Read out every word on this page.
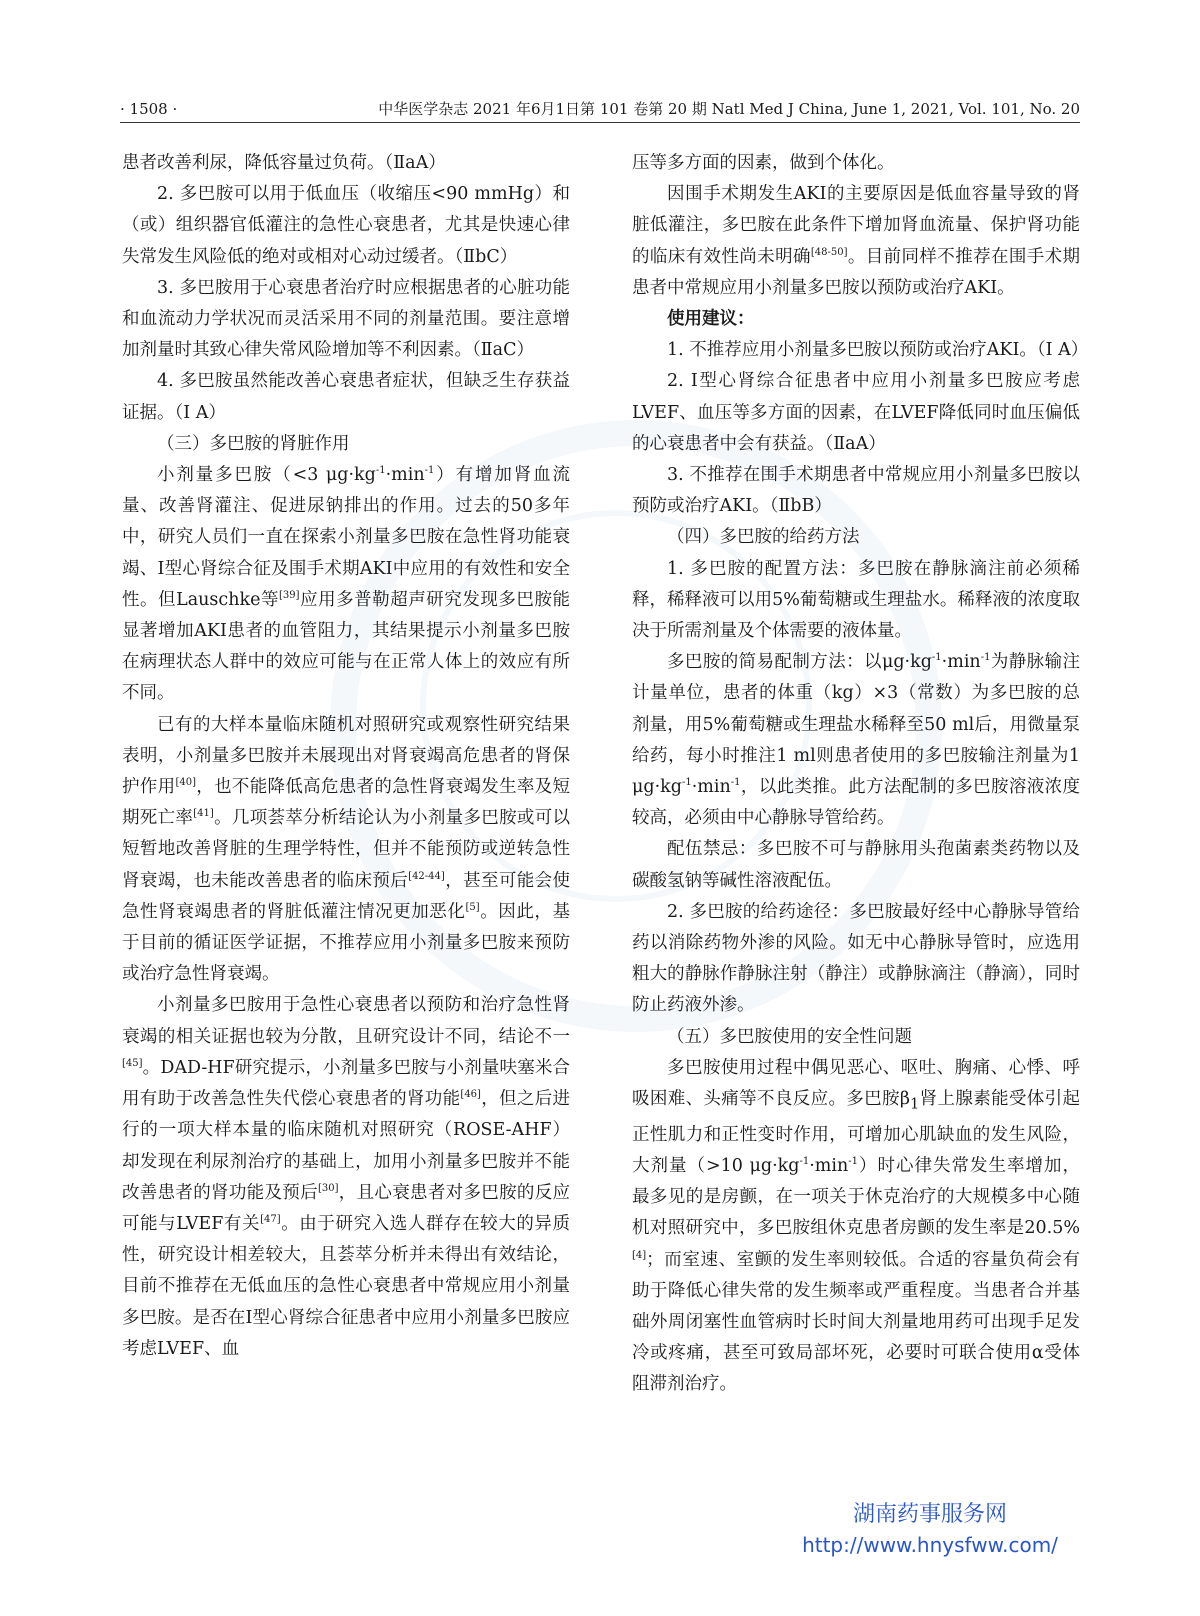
· 1508 ·	中华医学杂志 2021 年6月1日第 101 卷第 20 期 Natl Med J China, June 1, 2021, Vol. 101, No. 20

患者改善利尿，降低容量过负荷。（ⅡaA）

2. 多巴胺可以用于低血压（收缩压<90 mmHg）和（或）组织器官低灌注的急性心衰患者，尤其是快速心律失常发生风险低的绝对或相对心动过缓者。（ⅡbC）

3. 多巴胺用于心衰患者治疗时应根据患者的心脏功能和血流动力学状况而灵活采用不同的剂量范围。要注意增加剂量时其致心律失常风险增加等不利因素。（ⅡaC）

4. 多巴胺虽然能改善心衰患者症状，但缺乏生存获益证据。（Ⅰ A）

（三）多巴胺的肾脏作用

小剂量多巴胺（<3 $\mu g\cdot kg^{-1}\cdot\min^{-1}$）有增加肾血流量、改善肾灌注、促进尿钠排出的作用。过去的50多年中，研究人员们一直在探索小剂量多巴胺在急性肾功能衰竭、Ⅰ型心肾综合征及围手术期AKI中应用的有效性和安全性。但Lauschke等[39]应用多普勒超声研究发现多巴胺能显著增加AKI患者的血管阻力，其结果提示小剂量多巴胺在病理状态人群中的效应可能与在正常人体上的效应有所不同。

已有的大样本量临床随机对照研究或观察性研究结果表明，小剂量多巴胺并未展现出对肾衰竭高危患者的肾保护作用[40]，也不能降低高危患者的急性肾衰竭发生率及短期死亡率[41]。几项荟萃分析结论认为小剂量多巴胺或可以短暂地改善肾脏的生理学特性，但并不能预防或逆转急性肾衰竭，也未能改善患者的临床预后[42-44]，甚至可能会使急性肾衰竭患者的肾脏低灌注情况更加恶化[5]。因此，基于目前的循证医学证据，不推荐应用小剂量多巴胺来预防或治疗急性肾衰竭。

小剂量多巴胺用于急性心衰患者以预防和治疗急性肾衰竭的相关证据也较为分散，且研究设计不同，结论不一[45]。DAD-HF研究提示，小剂量多巴胺与小剂量呋塞米合用有助于改善急性失代偿心衰患者的肾功能[46]，但之后进行的一项大样本量的临床随机对照研究（ROSE-AHF）却发现在利尿剂治疗的基础上，加用小剂量多巴胺并不能改善患者的肾功能及预后[30]，且心衰患者对多巴胺的反应可能与LVEF有关[47]。由于研究入选人群存在较大的异质性，研究设计相差较大，且荟萃分析并未得出有效结论，目前不推荐在无低血压的急性心衰患者中常规应用小剂量多巴胺。是否在Ⅰ型心肾综合征患者中应用小剂量多巴胺应考虑LVEF、血

压等多方面的因素，做到个体化。

因围手术期发生AKI的主要原因是低血容量导致的肾脏低灌注，多巴胺在此条件下增加肾血流量、保护肾功能的临床有效性尚未明确[48-50]。目前同样不推荐在围手术期患者中常规应用小剂量多巴胺以预防或治疗AKI。

使用建议：

1. 不推荐应用小剂量多巴胺以预防或治疗AKI。（Ⅰ A）

2. Ⅰ型心肾综合征患者中应用小剂量多巴胺应考虑LVEF、血压等多方面的因素，在LVEF降低同时血压偏低的心衰患者中会有获益。（ⅡaA）

3. 不推荐在围手术期患者中常规应用小剂量多巴胺以预防或治疗AKI。（ⅡbB）

（四）多巴胺的给药方法

1. 多巴胺的配置方法：多巴胺在静脉滴注前必须稀释，稀释液可以用5%葡萄糖或生理盐水。稀释液的浓度取决于所需剂量及个体需要的液体量。

多巴胺的简易配制方法：以$\mu g\cdot kg^{-1}\cdot\min^{-1}$为静脉输注计量单位，患者的体重（kg）×3（常数）为多巴胺的总剂量，用5%葡萄糖或生理盐水稀释至50 ml后，用微量泵给药，每小时推注1 ml则患者使用的多巴胺输注剂量为1 $\mu g\cdot kg^{-1}\cdot\min^{-1}$，以此类推。此方法配制的多巴胺溶液浓度较高，必须由中心静脉导管给药。

配伍禁忌：多巴胺不可与静脉用头孢菌素类药物以及碳酸氢钠等碱性溶液配伍。

2. 多巴胺的给药途径：多巴胺最好经中心静脉导管给药以消除药物外渗的风险。如无中心静脉导管时，应选用粗大的静脉作静脉注射（静注）或静脉滴注（静滴），同时防止药液外渗。

（五）多巴胺使用的安全性问题

多巴胺使用过程中偶见恶心、呕吐、胸痛、心悸、呼吸困难、头痛等不良反应。多巴胺$\beta_1$肾上腺素能受体引起正性肌力和正性变时作用，可增加心肌缺血的发生风险，大剂量（>10 $\mu g\cdot kg^{-1}\cdot\min^{-1}$）时心律失常发生率增加，最多见的是房颤，在一项关于休克治疗的大规模多中心随机对照研究中，多巴胺组休克患者房颤的发生率是20.5%[4]；而室速、室颤的发生率则较低。合适的容量负荷会有助于降低心律失常的发生频率或严重程度。当患者合并基础外周闭塞性血管病时长时间大剂量地用药可出现手足发冷或疼痛，甚至可致局部坏死，必要时可联合使用α受体阻滞剂治疗。

湖南药事服务网
http://www.hnysfww.com/
